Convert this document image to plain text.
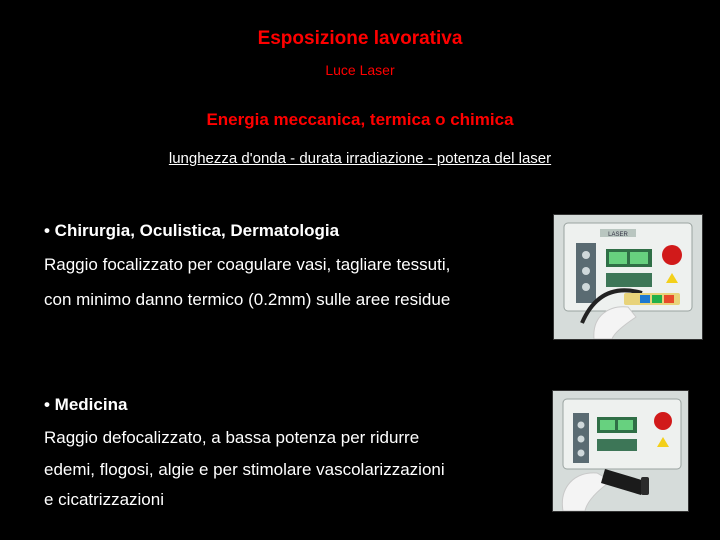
Esposizione lavorativa
Luce Laser
Energia meccanica, termica o chimica
lunghezza d'onda - durata irradiazione - potenza del laser
• Chirurgia, Oculistica, Dermatologia
Raggio focalizzato per coagulare vasi, tagliare tessuti,
con minimo danno termico (0.2mm) sulle aree residue
LASER
• Medicina
Raggio defocalizzato, a bassa potenza per ridurre
edemi, flogosi, algie e per stimolare vascolarizzazioni
e cicatrizzazioni
